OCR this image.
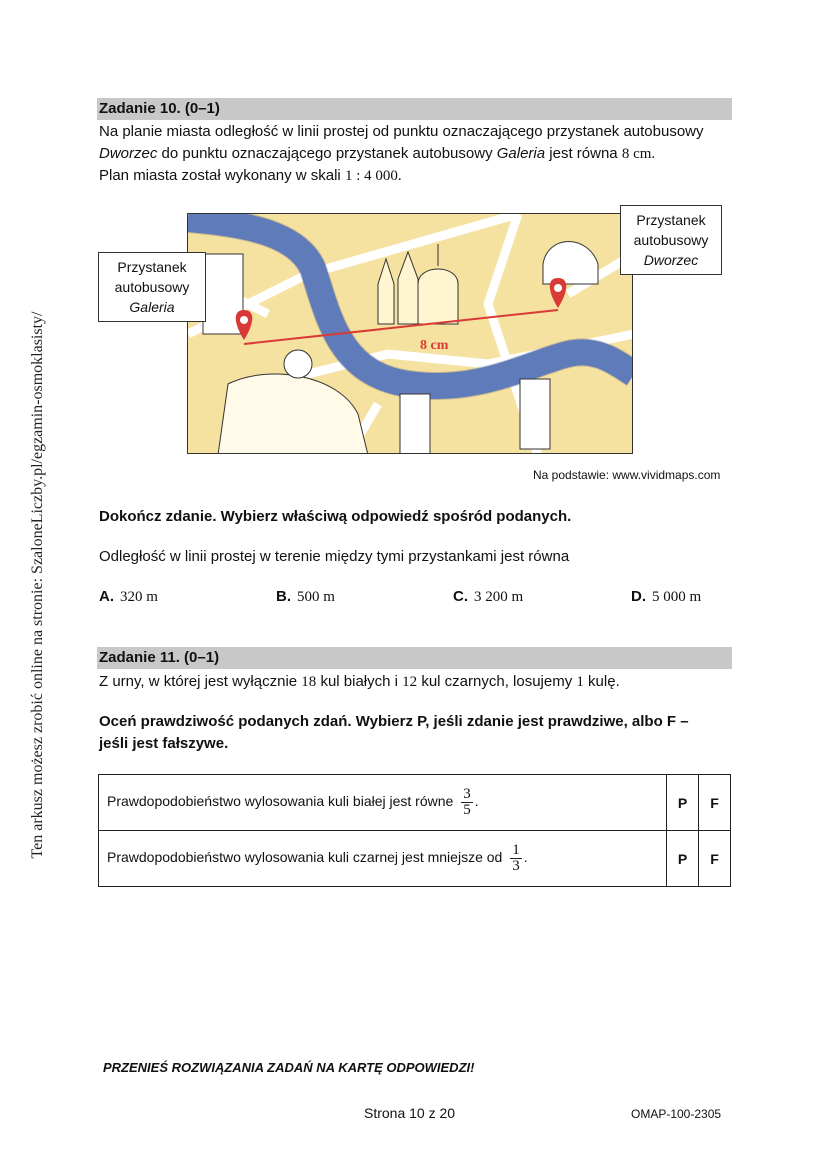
Ten arkusz możesz zrobić online na stronie: SzaloneLiczby.pl/egzamin-osmoklasisty/
Zadanie 10. (0–1)
Na planie miasta odległość w linii prostej od punktu oznaczającego przystanek autobusowy
Dworzec do punktu oznaczającego przystanek autobusowy Galeria jest równa 8 cm.
Plan miasta został wykonany w skali 1 : 4 000.
8 cm
Przystanek
autobusowy
Galeria
Przystanek
autobusowy
Dworzec
Na podstawie: www.vividmaps.com
Dokończ zdanie. Wybierz właściwą odpowiedź spośród podanych.
Odległość w linii prostej w terenie między tymi przystankami jest równa
A. 320 m	B. 500 m	C. 3 200 m	D. 5 000 m
Zadanie 11. (0–1)
Z urny, w której jest wyłącznie 18 kul białych i 12 kul czarnych, losujemy 1 kulę.
Oceń prawdziwość podanych zdań. Wybierz P, jeśli zdanie jest prawdziwe, albo F –
jeśli jest fałszywe.
Prawdopodobieństwo wylosowania kuli białej jest równe $\frac{3}{5}$ .	P	F
Prawdopodobieństwo wylosowania kuli czarnej jest mniejsze od $\frac{1}{3}$ .	P	F
PRZENIEŚ ROZWIĄZANIA ZADAŃ NA KARTĘ ODPOWIEDZI!
Strona 10 z 20	OMAP-100-2305
